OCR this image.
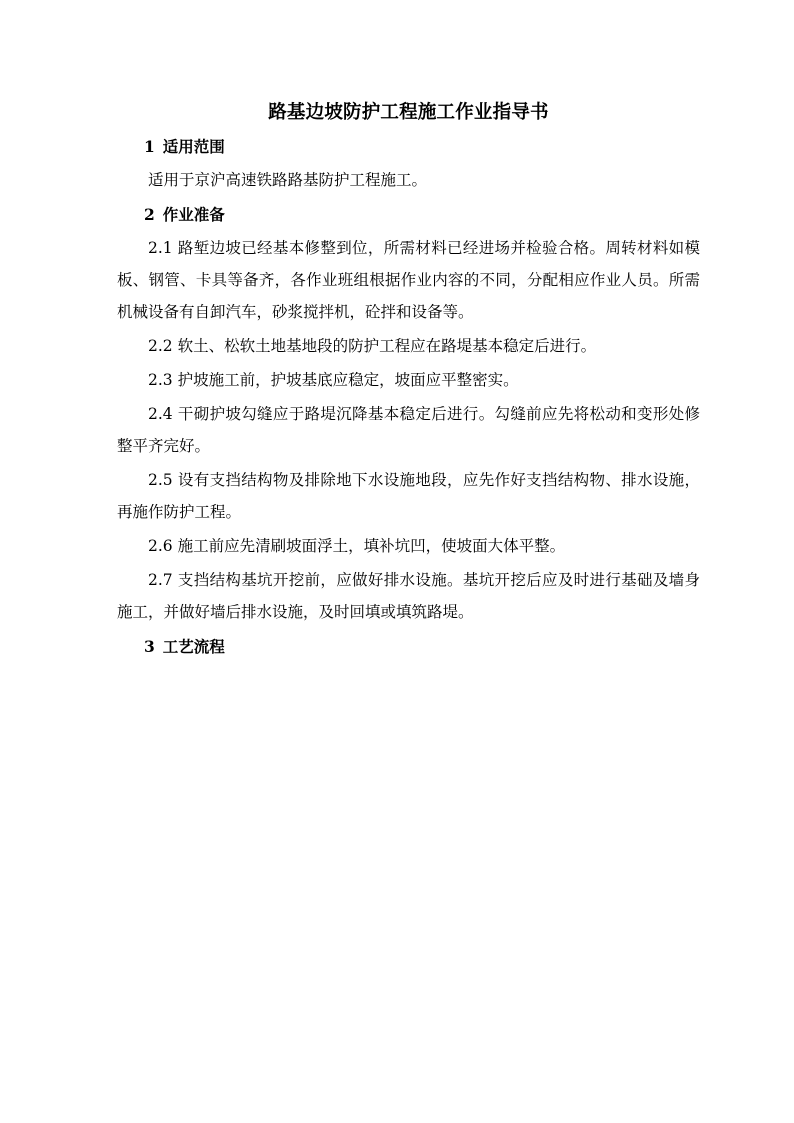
路基边坡防护工程施工作业指导书
1 适用范围

适用于京沪高速铁路路基防护工程施工。

2 作业准备

2.1 路堑边坡已经基本修整到位，所需材料已经进场并检验合格。周转材料如模板、钢管、卡具等备齐，各作业班组根据作业内容的不同，分配相应作业人员。所需机械设备有自卸汽车，砂浆搅拌机，砼拌和设备等。

2.2 软土、松软土地基地段的防护工程应在路堤基本稳定后进行。

2.3 护坡施工前，护坡基底应稳定，坡面应平整密实。

2.4 干砌护坡勾缝应于路堤沉降基本稳定后进行。勾缝前应先将松动和变形处修整平齐完好。

2.5 设有支挡结构物及排除地下水设施地段，应先作好支挡结构物、排水设施，再施作防护工程。

2.6 施工前应先清刷坡面浮土，填补坑凹，使坡面大体平整。

2.7 支挡结构基坑开挖前，应做好排水设施。基坑开挖后应及时进行基础及墙身施工，并做好墙后排水设施，及时回填或填筑路堤。

3 工艺流程
